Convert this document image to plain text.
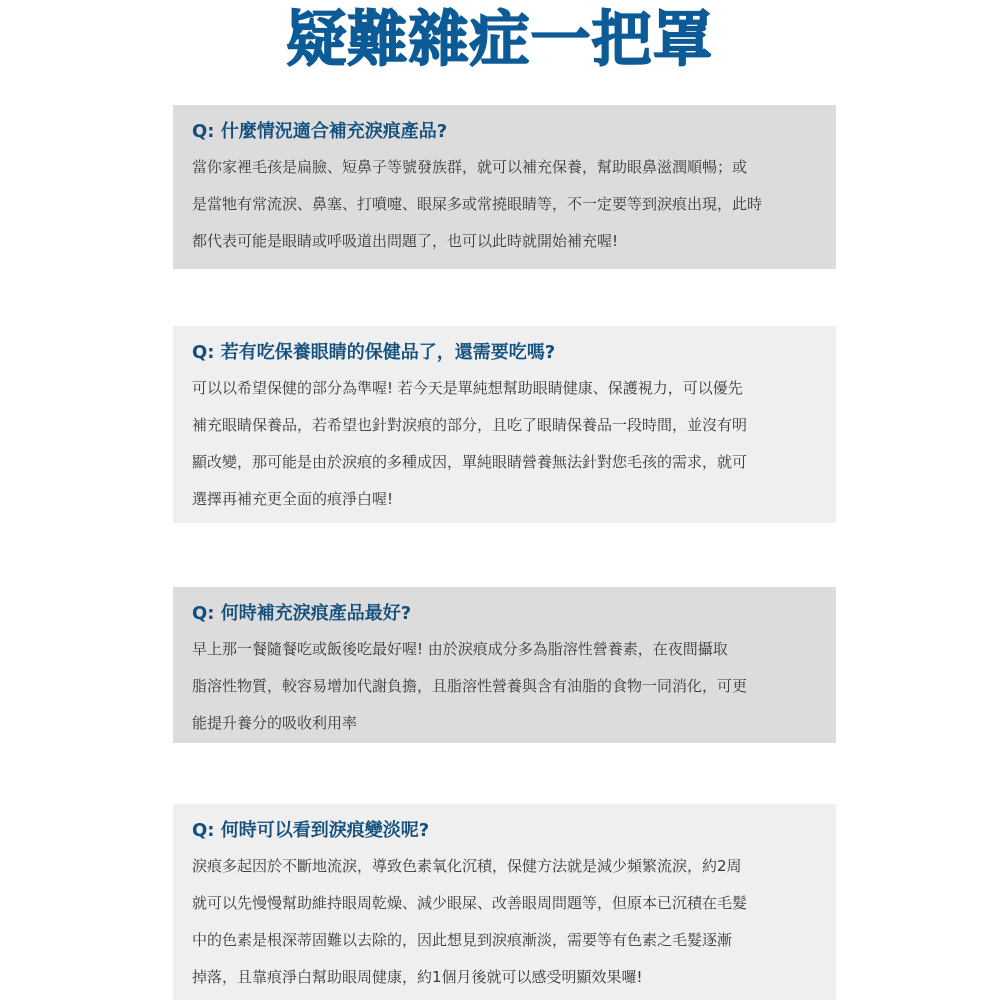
疑難雜症一把罩
Q: 什麼情況適合補充淚痕產品?
當你家裡毛孩是扁臉、短鼻子等號發族群，就可以補充保養，幫助眼鼻滋潤順暢；或
是當牠有常流淚、鼻塞、打噴嚏、眼屎多或常撓眼睛等，不一定要等到淚痕出現，此時
都代表可能是眼睛或呼吸道出問題了，也可以此時就開始補充喔!
Q: 若有吃保養眼睛的保健品了，還需要吃嗎?
可以以希望保健的部分為準喔! 若今天是單純想幫助眼睛健康、保護視力，可以優先
補充眼睛保養品，若希望也針對淚痕的部分，且吃了眼睛保養品一段時間，並沒有明
顯改變，那可能是由於淚痕的多種成因，單純眼睛營養無法針對您毛孩的需求，就可
選擇再補充更全面的痕淨白喔!
Q: 何時補充淚痕產品最好?
早上那一餐隨餐吃或飯後吃最好喔! 由於淚痕成分多為脂溶性營養素，在夜間攝取
脂溶性物質，較容易增加代謝負擔，且脂溶性營養與含有油脂的食物一同消化，可更
能提升養分的吸收利用率
Q: 何時可以看到淚痕變淡呢?
淚痕多起因於不斷地流淚，導致色素氧化沉積，保健方法就是減少頻繁流淚，約2周
就可以先慢慢幫助維持眼周乾燥、減少眼屎、改善眼周問題等，但原本已沉積在毛髮
中的色素是根深蒂固難以去除的，因此想見到淚痕漸淡，需要等有色素之毛髮逐漸
掉落，且靠痕淨白幫助眼周健康，約1個月後就可以感受明顯效果囉!
